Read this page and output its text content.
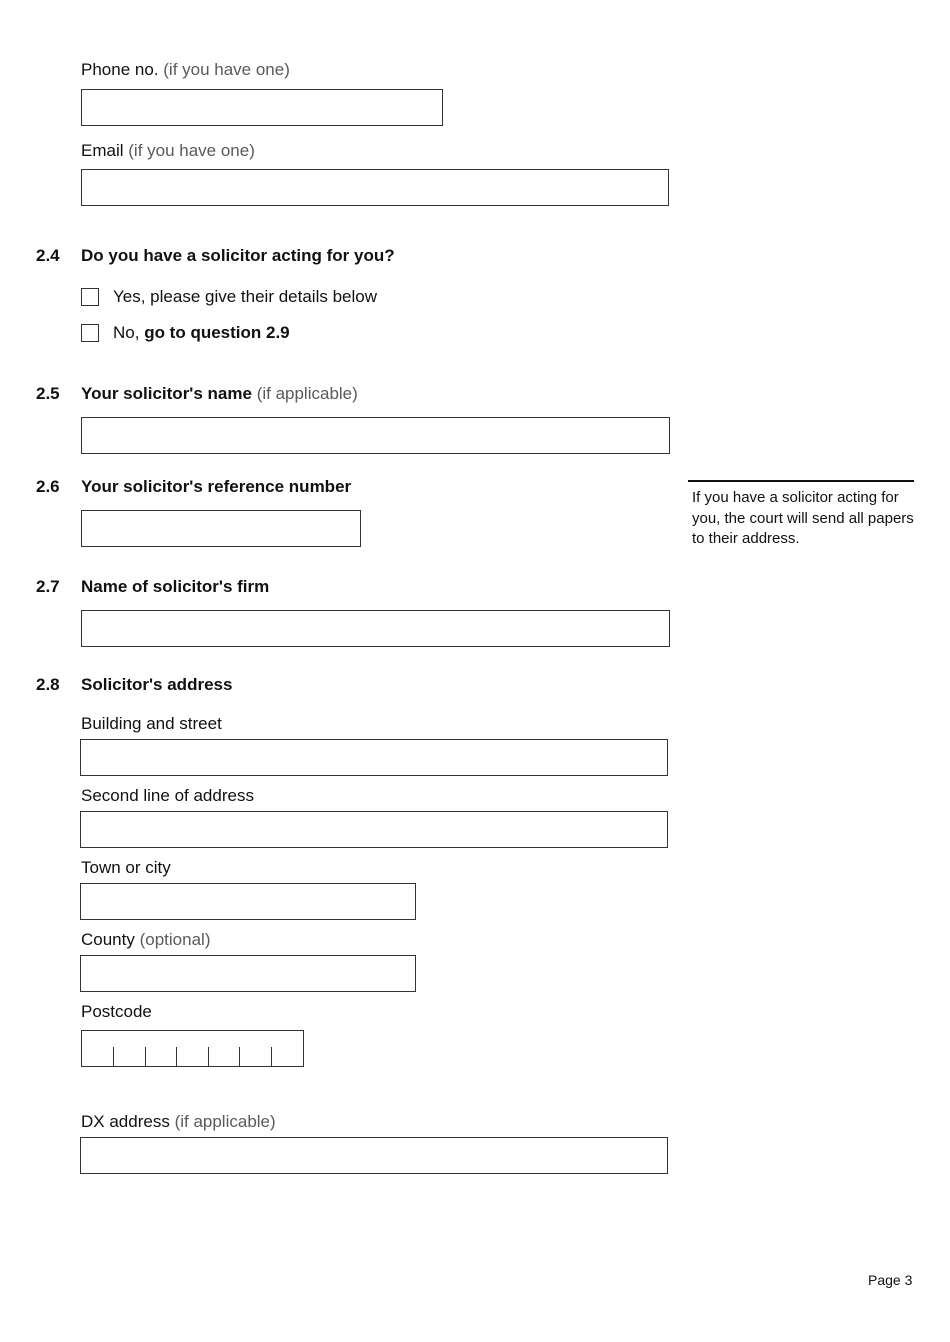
Phone no. (if you have one)
Email (if you have one)
2.4 Do you have a solicitor acting for you?
Yes, please give their details below
No, go to question 2.9
2.5 Your solicitor's name (if applicable)
2.6 Your solicitor's reference number
If you have a solicitor acting for you, the court will send all papers to their address.
2.7 Name of solicitor's firm
2.8 Solicitor's address
Building and street
Second line of address
Town or city
County (optional)
Postcode
DX address (if applicable)
Page 3
